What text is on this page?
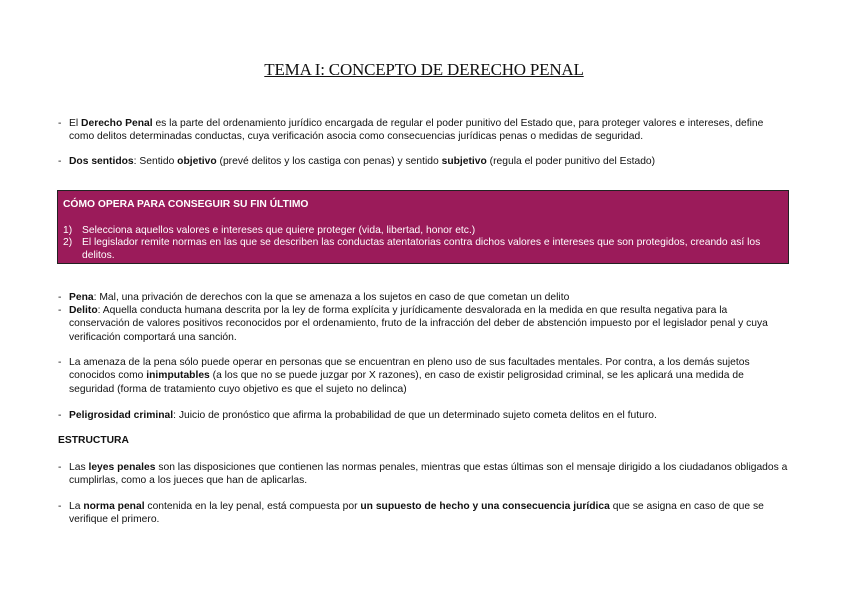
TEMA I: CONCEPTO DE DERECHO PENAL
- El Derecho Penal es la parte del ordenamiento jurídico encargada de regular el poder punitivo del Estado que, para proteger valores e intereses, define como delitos determinadas conductas, cuya verificación asocia como consecuencias jurídicas penas o medidas de seguridad.
- Dos sentidos: Sentido objetivo (prevé delitos y los castiga con penas) y sentido subjetivo (regula el poder punitivo del Estado)
CÓMO OPERA PARA CONSEGUIR SU FIN ÚLTIMO
1) Selecciona aquellos valores e intereses que quiere proteger (vida, libertad, honor etc.)
2) El legislador remite normas en las que se describen las conductas atentatorias contra dichos valores e intereses que son protegidos, creando así los delitos.
- Pena: Mal, una privación de derechos con la que se amenaza a los sujetos en caso de que cometan un delito
- Delito: Aquella conducta humana descrita por la ley de forma explícita y jurídicamente desvalorada en la medida en que resulta negativa para la conservación de valores positivos reconocidos por el ordenamiento, fruto de la infracción del deber de abstención impuesto por el legislador penal y cuya verificación comportará una sanción.
- La amenaza de la pena sólo puede operar en personas que se encuentran en pleno uso de sus facultades mentales. Por contra, a los demás sujetos conocidos como inimputables (a los que no se puede juzgar por X razones), en caso de existir peligrosidad criminal, se les aplicará una medida de seguridad (forma de tratamiento cuyo objetivo es que el sujeto no delinca)
- Peligrosidad criminal: Juicio de pronóstico que afirma la probabilidad de que un determinado sujeto cometa delitos en el futuro.
ESTRUCTURA
- Las leyes penales son las disposiciones que contienen las normas penales, mientras que estas últimas son el mensaje dirigido a los ciudadanos obligados a cumplirlas, como a los jueces que han de aplicarlas.
- La norma penal contenida en la ley penal, está compuesta por un supuesto de hecho y una consecuencia jurídica que se asigna en caso de que se verifique el primero.
